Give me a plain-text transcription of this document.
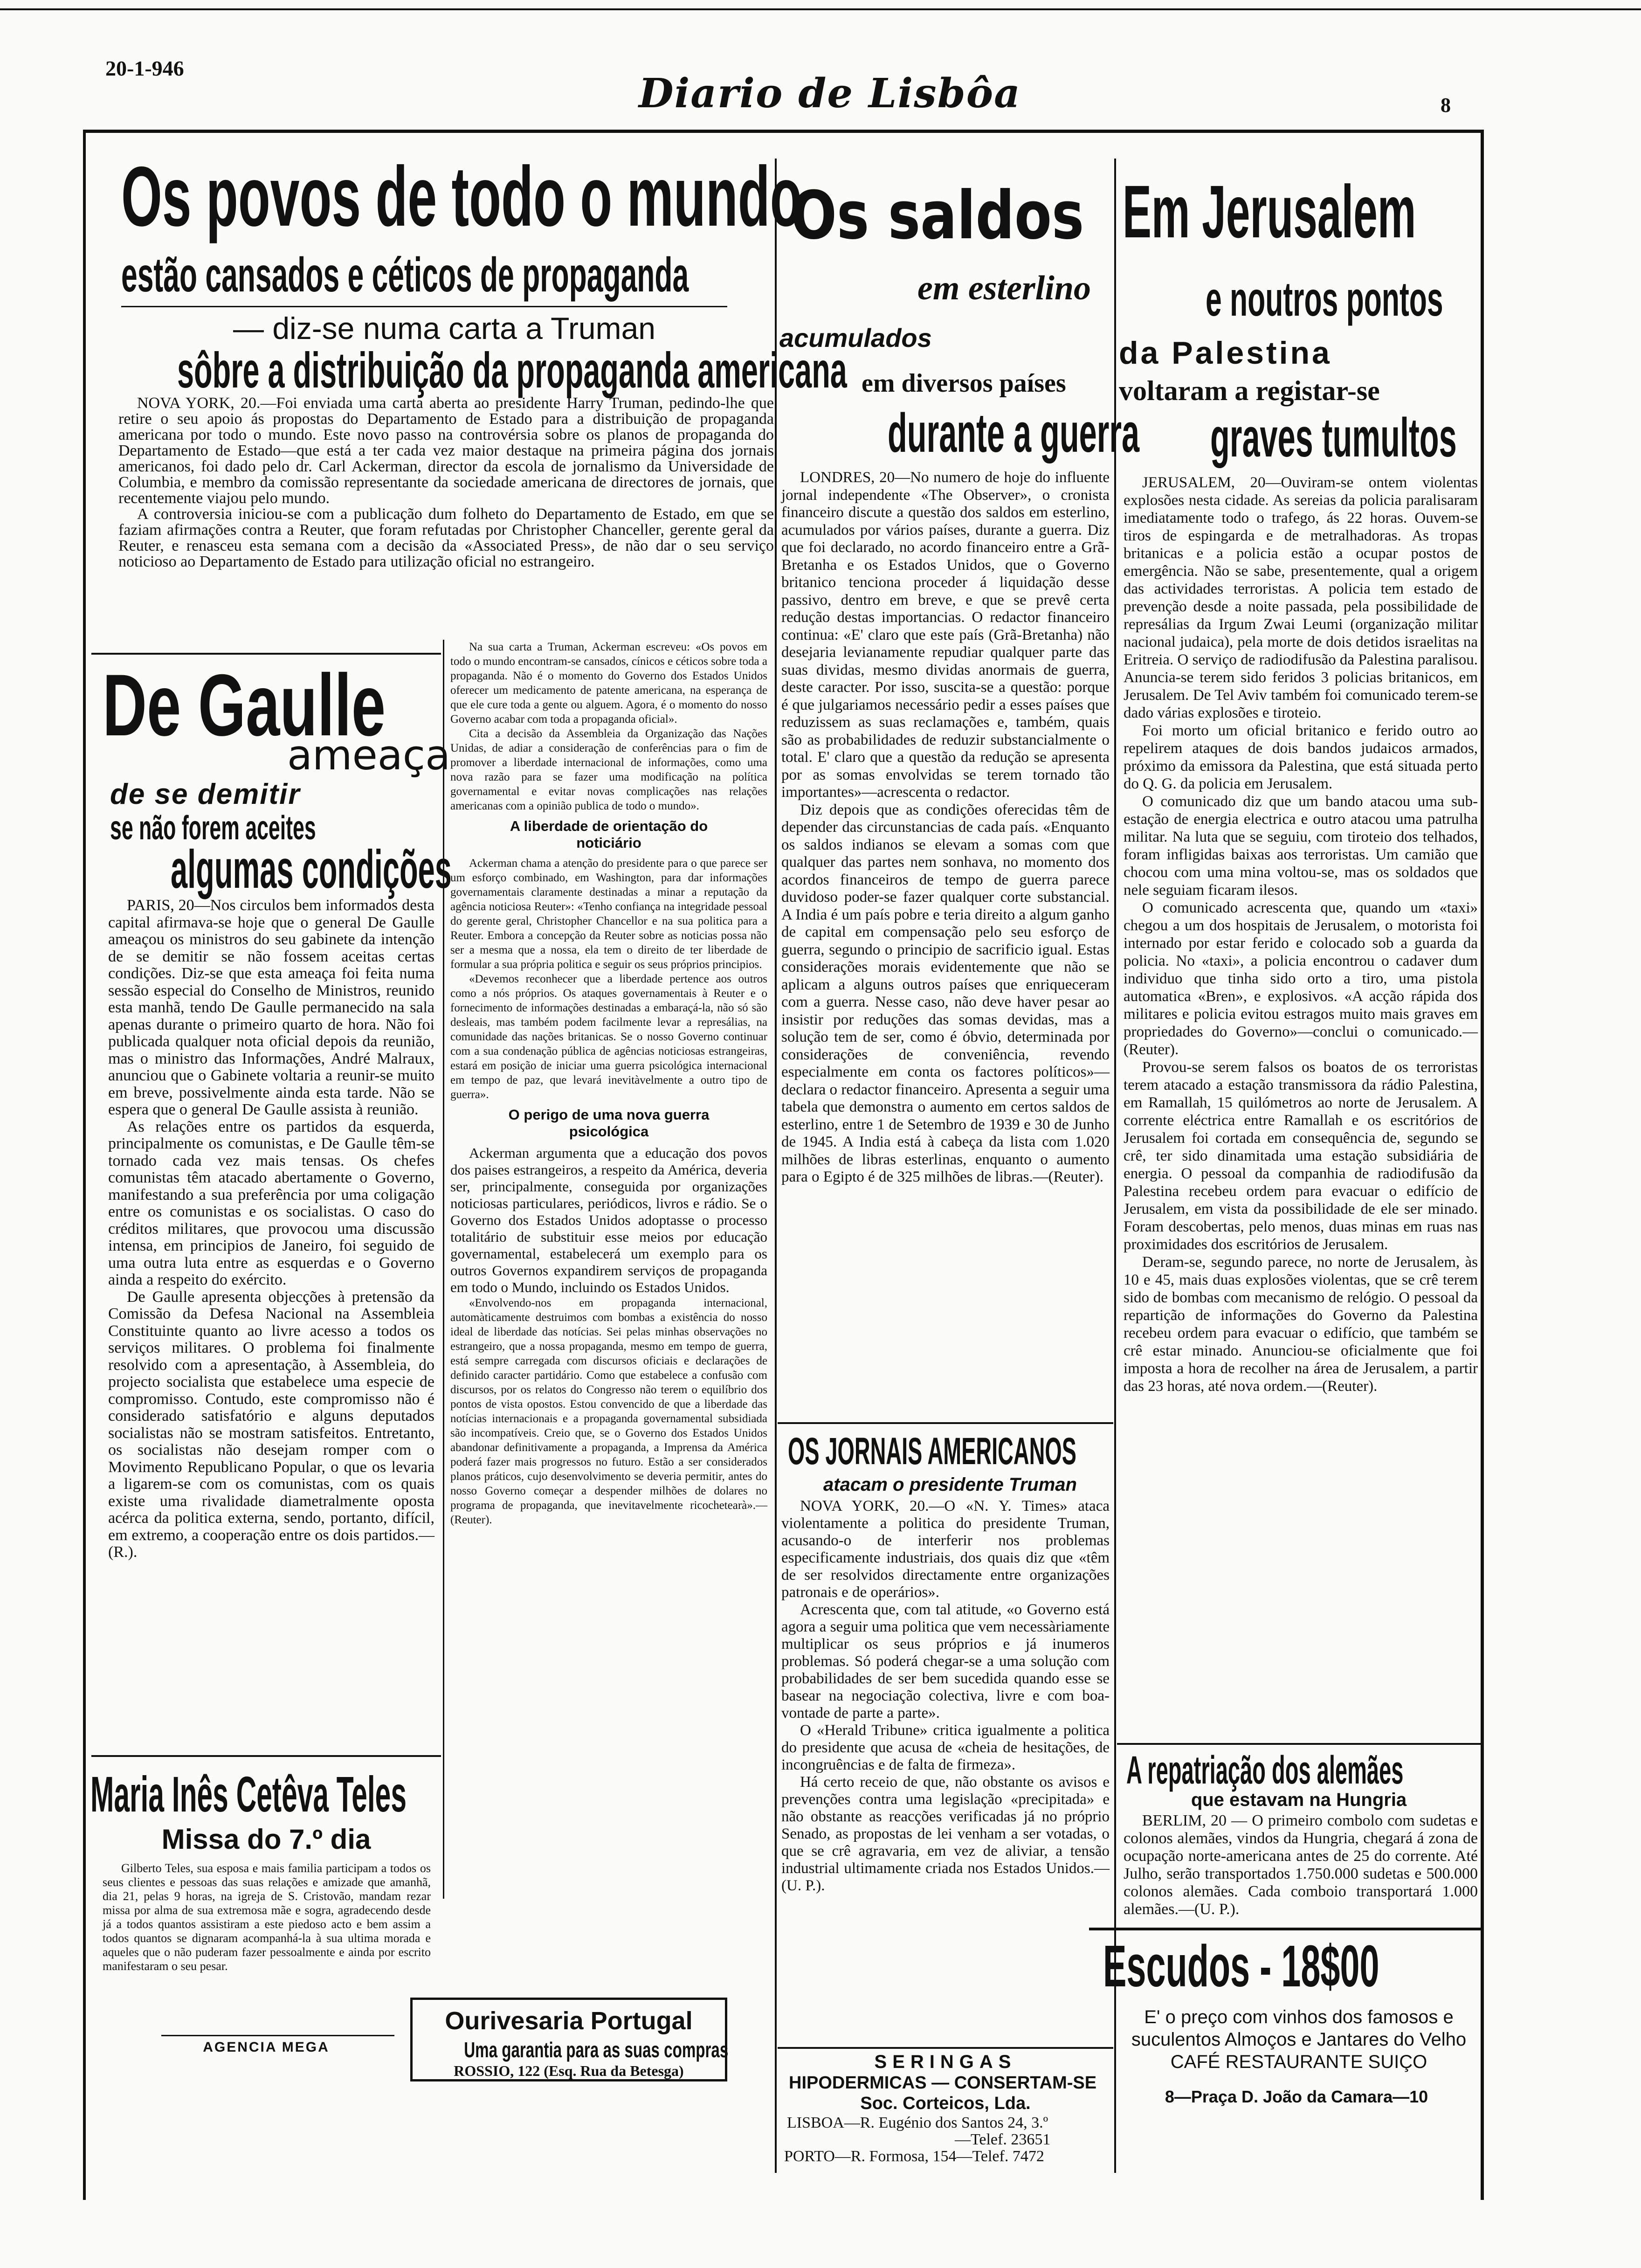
20-1-946
Diario de Lisbôa	8
Os povos de todo o mundo
estão cansados e céticos de propaganda
— diz-se numa carta a Truman
sôbre a distribuição da propaganda americana

NOVA YORK, 20.—Foi enviada uma carta aberta ao presidente Harry Truman, pedindo-lhe que retire o seu apoio ás propostas do Departamento de Estado para a distribuição de propaganda americana por todo o mundo. Este novo passo na controvérsia sobre os planos de propaganda do Departamento de Estado—que está a ter cada vez maior destaque na primeira página dos jornais americanos, foi dado pelo dr. Carl Ackerman, director da escola de jornalismo da Universidade de Columbia, e membro da comissão representante da sociedade americana de directores de jornais, que recentemente viajou pelo mundo.

A controversia iniciou-se com a publicação dum folheto do Departamento de Estado, em que se faziam afirmações contra a Reuter, que foram refutadas por Christopher Chanceller, gerente geral da Reuter, e renasceu esta semana com a decisão da «Associated Press», de não dar o seu serviço noticioso ao Departamento de Estado para utilização oficial no estrangeiro.

Na sua carta a Truman, Ackerman escreveu: «Os povos em todo o mundo encontram-se cansados, cínicos e céticos sobre toda a propaganda. Não é o momento do Governo dos Estados Unidos oferecer um medicamento de patente americana, na esperança de que ele cure toda a gente ou alguem. Agora, é o momento do nosso Governo acabar com toda a propaganda oficial».

Cita a decisão da Assembleia da Organização das Nações Unidas, de adiar a consideração de conferências para o fim de promover a liberdade internacional de informações, como uma nova razão para se fazer uma modificação na política governamental e evitar novas complicações nas relações americanas com a opinião publica de todo o mundo».

A liberdade de orientação do noticiário

Ackerman chama a atenção do presidente para o que parece ser um esforço combinado, em Washington, para dar informações governamentais claramente destinadas a minar a reputação da agência noticiosa Reuter»: «Tenho confiança na integridade pessoal do gerente geral, Christopher Chancellor e na sua politica para a Reuter. Embora a concepção da Reuter sobre as noticias possa não ser a mesma que a nossa, ela tem o direito de ter liberdade de formular a sua própria politica e seguir os seus próprios principios.

«Devemos reconhecer que a liberdade pertence aos outros como a nós próprios. Os ataques governamentais à Reuter e o fornecimento de informações destinadas a embaraçá-la, não só são desleais, mas também podem facilmente levar a represálias, na comunidade das nações britanicas. Se o nosso Governo continuar com a sua condenação pública de agências noticiosas estrangeiras, estará em posição de iniciar uma guerra psicológica internacional em tempo de paz, que levará inevitàvelmente a outro tipo de guerra».

O perigo de uma nova guerra psicológica

Ackerman argumenta que a educação dos povos dos paises estrangeiros, a respeito da América, deveria ser, principalmente, conseguida por organizações noticiosas particulares, periódicos, livros e rádio. Se o Governo dos Estados Unidos adoptasse o processo totalitário de substituir esse meios por educação governamental, estabelecerá um exemplo para os outros Governos expandirem serviços de propaganda em todo o Mundo, incluindo os Estados Unidos.

«Envolvendo-nos em propaganda internacional, automàticamente destruimos com bombas a existência do nosso ideal de liberdade das notícias. Sei pelas minhas observações no estrangeiro, que a nossa propaganda, mesmo em tempo de guerra, está sempre carregada com discursos oficiais e declarações de definido caracter partidário. Como que estabelece a confusão com discursos, por os relatos do Congresso não terem o equilíbrio dos pontos de vista opostos. Estou convencido de que a liberdade das notícias internacionais e a propaganda governamental subsidiada são incompatíveis. Creio que, se o Governo dos Estados Unidos abandonar definitivamente a propaganda, a Imprensa da América poderá fazer mais progressos no futuro. Estão a ser considerados planos práticos, cujo desenvolvimento se deveria permitir, antes do nosso Governo começar a despender milhões de dolares no programa de propaganda, que inevitavelmente ricochetearà».—(Reuter).

De Gaulle
ameaça
de se demitir
se não forem aceites
algumas condições

PARIS, 20—Nos circulos bem informados desta capital afirmava-se hoje que o general De Gaulle ameaçou os ministros do seu gabinete da intenção de se demitir se não fossem aceitas certas condições. Diz-se que esta ameaça foi feita numa sessão especial do Conselho de Ministros, reunido esta manhã, tendo De Gaulle permanecido na sala apenas durante o primeiro quarto de hora. Não foi publicada qualquer nota oficial depois da reunião, mas o ministro das Informações, André Malraux, anunciou que o Gabinete voltaria a reunir-se muito em breve, possivelmente ainda esta tarde. Não se espera que o general De Gaulle assista à reunião.

As relações entre os partidos da esquerda, principalmente os comunistas, e De Gaulle têm-se tornado cada vez mais tensas. Os chefes comunistas têm atacado abertamente o Governo, manifestando a sua preferência por uma coligação entre os comunistas e os socialistas. O caso do créditos militares, que provocou uma discussão intensa, em principios de Janeiro, foi seguido de uma outra luta entre as esquerdas e o Governo ainda a respeito do exército.

De Gaulle apresenta objecções à pretensão da Comissão da Defesa Nacional na Assembleia Constituinte quanto ao livre acesso a todos os serviços militares. O problema foi finalmente resolvido com a apresentação, à Assembleia, do projecto socialista que estabelece uma especie de compromisso. Contudo, este compromisso não é considerado satisfatório e alguns deputados socialistas não se mostram satisfeitos. Entretanto, os socialistas não desejam romper com o Movimento Republicano Popular, o que os levaria a ligarem-se com os comunistas, com os quais existe uma rivalidade diametralmente oposta acérca da politica externa, sendo, portanto, difícil, em extremo, a cooperação entre os dois partidos.—(R.).

Maria Inês Cetêva Teles
Missa do 7.º dia
Gilberto Teles, sua esposa e mais familia participam a todos os seus clientes e pessoas das suas relações e amizade que amanhã, dia 21, pelas 9 horas, na igreja de S. Cristovão, mandam rezar missa por alma de sua extremosa mãe e sogra, agradecendo desde já a todos quantos assistiram a este piedoso acto e bem assim a todos quantos se dignaram acompanhá-la à sua ultima morada e aqueles que o não puderam fazer pessoalmente e ainda por escrito manifestaram o seu pesar.
AGENCIA MEGA
Ourivesaria Portugal
Uma garantia para as suas compras
ROSSIO, 122 (Esq. Rua da Betesga)
Os saldos
em esterlino
acumulados
em diversos países
durante a guerra

LONDRES, 20—No numero de hoje do influente jornal independente «The Observer», o cronista financeiro discute a questão dos saldos em esterlino, acumulados por vários países, durante a guerra. Diz que foi declarado, no acordo financeiro entre a Grã-Bretanha e os Estados Unidos, que o Governo britanico tenciona proceder á liquidação desse passivo, dentro em breve, e que se prevê certa redução destas importancias. O redactor financeiro continua: «E' claro que este país (Grã-Bretanha) não desejaria levianamente repudiar qualquer parte das suas dividas, mesmo dividas anormais de guerra, deste caracter. Por isso, suscita-se a questão: porque é que julgariamos necessário pedir a esses países que reduzissem as suas reclamações e, também, quais são as probabilidades de reduzir substancialmente o total. E' claro que a questão da redução se apresenta por as somas envolvidas se terem tornado tão importantes»—acrescenta o redactor.

Diz depois que as condições oferecidas têm de depender das circunstancias de cada país. «Enquanto os saldos indianos se elevam a somas com que qualquer das partes nem sonhava, no momento dos acordos financeiros de tempo de guerra parece duvidoso poder-se fazer qualquer corte substancial. A India é um país pobre e teria direito a algum ganho de capital em compensação pelo seu esforço de guerra, segundo o principio de sacrificio igual. Estas considerações morais evidentemente que não se aplicam a alguns outros países que enriqueceram com a guerra. Nesse caso, não deve haver pesar ao insistir por reduções das somas devidas, mas a solução tem de ser, como é óbvio, determinada por considerações de conveniência, revendo especialmente em conta os factores políticos»—declara o redactor financeiro. Apresenta a seguir uma tabela que demonstra o aumento em certos saldos de esterlino, entre 1 de Setembro de 1939 e 30 de Junho de 1945. A India está à cabeça da lista com 1.020 milhões de libras esterlinas, enquanto o aumento para o Egipto é de 325 milhões de libras.—(Reuter).

OS JORNAIS AMERICANOS
atacam o presidente Truman

NOVA YORK, 20.—O «N. Y. Times» ataca violentamente a politica do presidente Truman, acusando-o de interferir nos problemas especificamente industriais, dos quais diz que «têm de ser resolvidos directamente entre organizações patronais e de operários».

Acrescenta que, com tal atitude, «o Governo está agora a seguir uma politica que vem necessàriamente multiplicar os seus próprios e já inumeros problemas. Só poderá chegar-se a uma solução com probabilidades de ser bem sucedida quando esse se basear na negociação colectiva, livre e com boa-vontade de parte a parte».

O «Herald Tribune» critica igualmente a politica do presidente que acusa de «cheia de hesitações, de incongruências e de falta de firmeza».

Há certo receio de que, não obstante os avisos e prevenções contra uma legislação «precipitada» e não obstante as reacções verificadas já no próprio Senado, as propostas de lei venham a ser votadas, o que se crê agravaria, em vez de aliviar, a tensão industrial ultimamente criada nos Estados Unidos.—(U. P.).

SERINGAS
HIPODERMICAS — CONSERTAM-SE
Soc. Corteicos, Lda.
LISBOA—R. Eugénio dos Santos 24, 3.º
—Telef. 23651
PORTO—R. Formosa, 154—Telef. 7472
Em Jerusalem
e noutros pontos
da Palestina
voltaram a registar-se
graves tumultos

JERUSALEM, 20—Ouviram-se ontem violentas explosões nesta cidade. As sereias da policia paralisaram imediatamente todo o trafego, ás 22 horas. Ouvem-se tiros de espingarda e de metralhadoras. As tropas britanicas e a policia estão a ocupar postos de emergência. Não se sabe, presentemente, qual a origem das actividades terroristas. A policia tem estado de prevenção desde a noite passada, pela possibilidade de represálias da Irgum Zwai Leumi (organização militar nacional judaica), pela morte de dois detidos israelitas na Eritreia. O serviço de radiodifusão da Palestina paralisou. Anuncia-se terem sido feridos 3 policias britanicos, em Jerusalem. De Tel Aviv também foi comunicado terem-se dado várias explosões e tiroteio.

Foi morto um oficial britanico e ferido outro ao repelirem ataques de dois bandos judaicos armados, próximo da emissora da Palestina, que está situada perto do Q. G. da policia em Jerusalem.

O comunicado diz que um bando atacou uma sub-estação de energia electrica e outro atacou uma patrulha militar. Na luta que se seguiu, com tiroteio dos telhados, foram infligidas baixas aos terroristas. Um camião que chocou com uma mina voltou-se, mas os soldados que nele seguiam ficaram ilesos.

O comunicado acrescenta que, quando um «taxi» chegou a um dos hospitais de Jerusalem, o motorista foi internado por estar ferido e colocado sob a guarda da policia. No «taxi», a policia encontrou o cadaver dum individuo que tinha sido orto a tiro, uma pistola automatica «Bren», e explosivos. «A acção rápida dos militares e policia evitou estragos muito mais graves em propriedades do Governo»—conclui o comunicado.—(Reuter).

Provou-se serem falsos os boatos de os terroristas terem atacado a estação transmissora da rádio Palestina, em Ramallah, 15 quilómetros ao norte de Jerusalem. A corrente eléctrica entre Ramallah e os escritórios de Jerusalem foi cortada em consequência de, segundo se crê, ter sido dinamitada uma estação subsidiária de energia. O pessoal da companhia de radiodifusão da Palestina recebeu ordem para evacuar o edifício de Jerusalem, em vista da possibilidade de ele ser minado. Foram descobertas, pelo menos, duas minas em ruas nas proximidades dos escritórios de Jerusalem.

Deram-se, segundo parece, no norte de Jerusalem, às 10 e 45, mais duas explosões violentas, que se crê terem sido de bombas com mecanismo de relógio. O pessoal da repartição de informações do Governo da Palestina recebeu ordem para evacuar o edifício, que também se crê estar minado. Anunciou-se oficialmente que foi imposta a hora de recolher na área de Jerusalem, a partir das 23 horas, até nova ordem.—(Reuter).

A repatriação dos alemães
que estavam na Hungria

BERLIM, 20 — O primeiro combolo com sudetas e colonos alemães, vindos da Hungria, chegará á zona de ocupação norte-americana antes de 25 do corrente. Até Julho, serão transportados 1.750.000 sudetas e 500.000 colonos alemães. Cada comboio transportará 1.000 alemães.—(U. P.).

Escudos - 18$00
E' o preço com vinhos dos famosos e suculentos Almoços e Jantares do Velho CAFÉ RESTAURANTE SUIÇO
8—Praça D. João da Camara—10
